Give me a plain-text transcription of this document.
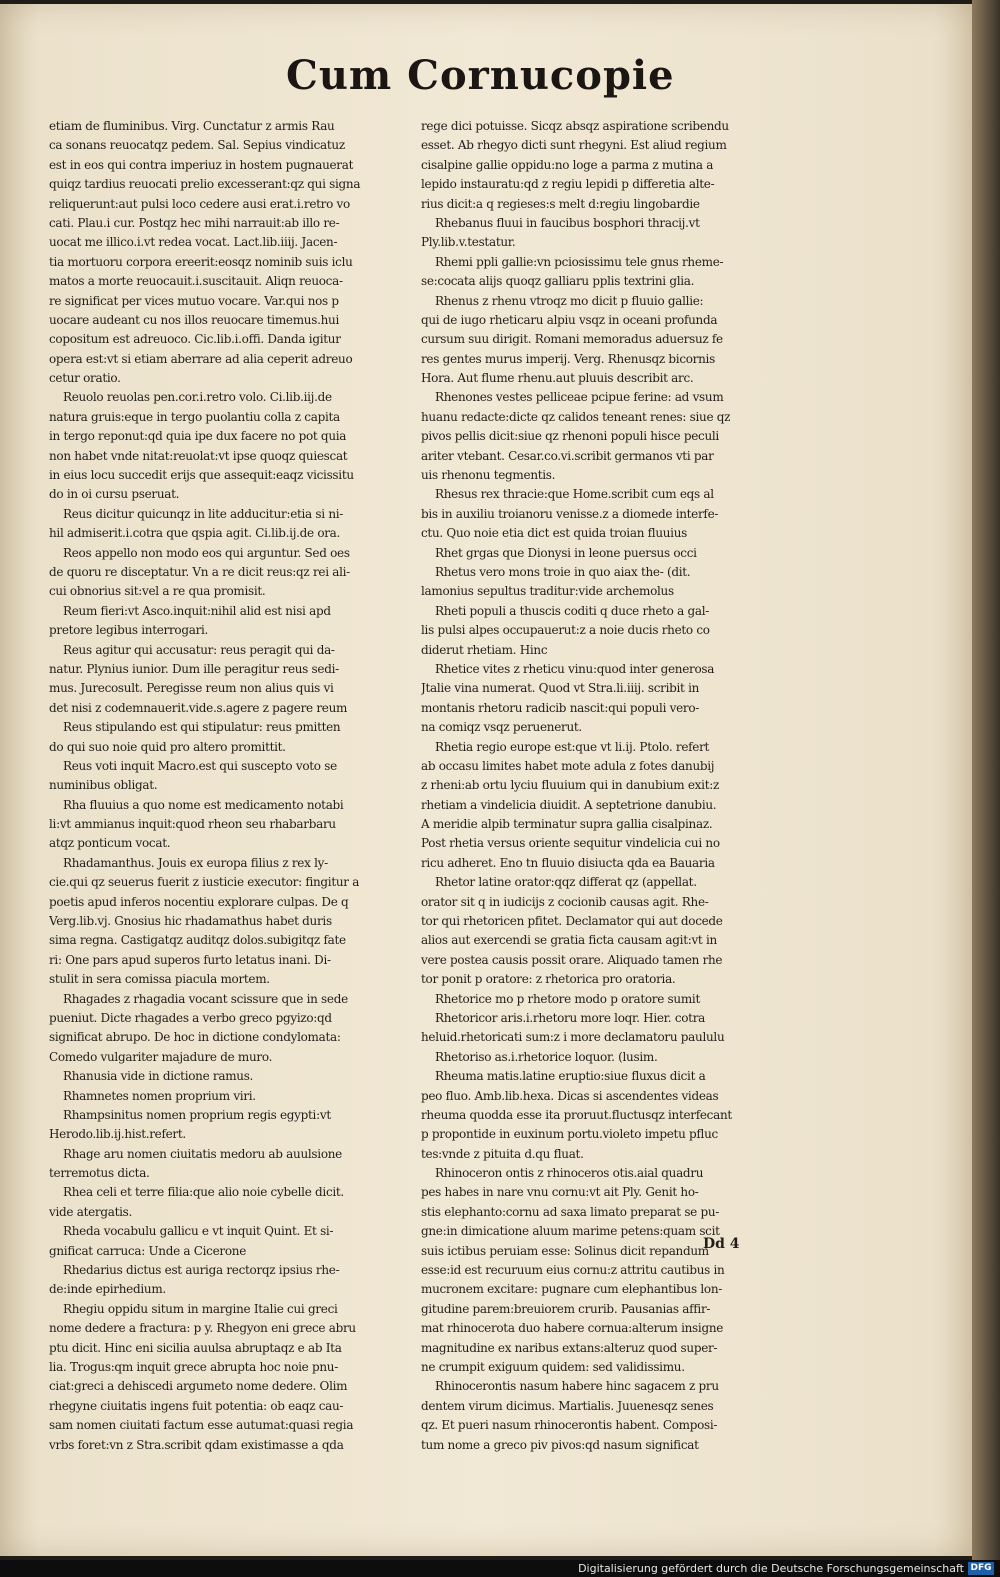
Cum Cornucopie
etiam de fluminibus. Virg. Cunctatur z armis Rau
ca sonans reuocatqz pedem. Sal. Sepius vindicatuz
est in eos qui contra imperiuz in hostem pugnauerat
quiqz tardius reuocati prelio excesserant:qz qui signa
reliquerunt:aut pulsi loco cedere ausi erat.i.retro vo
cati. Plau.i cur. Postqz hec mihi narrauit:ab illo re-
uocat me illico.i.vt redea vocat. Lact.lib.iiij. Jacen-
tia mortuoru corpora ereerit:eosqz nominib suis iclu
matos a morte reuocauit.i.suscitauit. Aliqn reuoca-
re significat per vices mutuo vocare. Var.qui nos p
uocare audeant cu nos illos reuocare timemus.hui
copositum est adreuoco. Cic.lib.i.offi. Danda igitur
opera est:vt si etiam aberrare ad alia ceperit adreuo
cetur oratio.
Reuolo reuolas pen.cor.i.retro volo. Ci.lib.iij.de
natura gruis:eque in tergo puolantiu colla z capita
in tergo reponut:qd quia ipe dux facere no pot quia
non habet vnde nitat:reuolat:vt ipse quoqz quiescat
in eius locu succedit erijs que assequit:eaqz vicissitu
do in oi cursu pseruat.
Reus dicitur quicunqz in lite adducitur:etia si ni-
hil admiserit.i.cotra que qspia agit. Ci.lib.ij.de ora.
Reos appello non modo eos qui arguntur. Sed oes
de quoru re disceptatur. Vn a re dicit reus:qz rei ali-
cui obnorius sit:vel a re qua promisit.
Reum fieri:vt Asco.inquit:nihil alid est nisi apd
pretore legibus interrogari.
Reus agitur qui accusatur: reus peragit qui da-
natur. Plynius iunior. Dum ille peragitur reus sedi-
mus. Jurecosult. Peregisse reum non alius quis vi
det nisi z codemnauerit.vide.s.agere z pagere reum
Reus stipulando est qui stipulatur: reus pmitten
do qui suo noie quid pro altero promittit.
Reus voti inquit Macro.est qui suscepto voto se
numinibus obligat.
Rha fluuius a quo nome est medicamento notabi
li:vt ammianus inquit:quod rheon seu rhabarbaru
atqz ponticum vocat.
Rhadamanthus. Jouis ex europa filius z rex ly-
cie.qui qz seuerus fuerit z iusticie executor: fingitur a
poetis apud inferos nocentiu explorare culpas. De q
Verg.lib.vj. Gnosius hic rhadamathus habet duris
sima regna. Castigatqz auditqz dolos.subigitqz fate
ri: One pars apud superos furto letatus inani. Di-
stulit in sera comissa piacula mortem.
Rhagades z rhagadia vocant scissure que in sede
pueniut. Dicte rhagades a verbo greco pgyizo:qd
significat abrupo. De hoc in dictione condylomata:
Comedo vulgariter majadure de muro.
Rhanusia vide in dictione ramus.
Rhamnetes nomen proprium viri.
Rhampsinitus nomen proprium regis egypti:vt
Herodo.lib.ij.hist.refert.
Rhage aru nomen ciuitatis medoru ab auulsione
terremotus dicta.
Rhea celi et terre filia:que alio noie cybelle dicit.
vide atergatis.
Rheda vocabulu gallicu e vt inquit Quint. Et si-
gnificat carruca: Unde a Cicerone
Rhedarius dictus est auriga rectorqz ipsius rhe-
de:inde epirhedium.
Rhegiu oppidu situm in margine Italie cui greci
nome dedere a fractura: p y. Rhegyon eni grece abru
ptu dicit. Hinc eni sicilia auulsa abruptaqz e ab Ita
lia. Trogus:qm inquit grece abrupta hoc noie pnu-
ciat:greci a dehiscedi argumeto nome dedere. Olim
rhegyne ciuitatis ingens fuit potentia: ob eaqz cau-
sam nomen ciuitati factum esse autumat:quasi regia
vrbs foret:vn z Stra.scribit qdam existimasse a qda
rege dici potuisse. Sicqz absqz aspiratione scribendu
esset. Ab rhegyo dicti sunt rhegyni. Est aliud regium
cisalpine gallie oppidu:no loge a parma z mutina a
lepido instauratu:qd z regiu lepidi p differetia alte-
rius dicit:a q regieses:s melt d:regiu lingobardie
Rhebanus fluui in faucibus bosphori thracij.vt
Ply.lib.v.testatur.
Rhemi ppli gallie:vn pciosissimu tele gnus rheme-
se:cocata alijs quoqz galliaru pplis textrini glia.
Rhenus z rhenu vtroqz mo dicit p fluuio gallie:
qui de iugo rheticaru alpiu vsqz in oceani profunda
cursum suu dirigit. Romani memoradus aduersuz fe
res gentes murus imperij. Verg. Rhenusqz bicornis
Hora. Aut flume rhenu.aut pluuis describit arc.
Rhenones vestes pelliceae pcipue ferine: ad vsum
huanu redacte:dicte qz calidos teneant renes: siue qz
pivos pellis dicit:siue qz rhenoni populi hisce peculi
ariter vtebant. Cesar.co.vi.scribit germanos vti par
uis rhenonu tegmentis.
Rhesus rex thracie:que Home.scribit cum eqs al
bis in auxiliu troianoru venisse.z a diomede interfe-
ctu. Quo noie etia dict est quida troian fluuius
Rhet grgas que Dionysi in leone puersus occi
Rhetus vero mons troie in quo aiax the- (dit.
lamonius sepultus traditur:vide archemolus
Rheti populi a thuscis coditi q duce rheto a gal-
lis pulsi alpes occupauerut:z a noie ducis rheto co
diderut rhetiam. Hinc
Rhetice vites z rheticu vinu:quod inter generosa
Jtalie vina numerat. Quod vt Stra.li.iiij. scribit in
montanis rhetoru radicib nascit:qui populi vero-
na comiqz vsqz peruenerut.
Rhetia regio europe est:que vt li.ij. Ptolo. refert
ab occasu limites habet mote adula z fotes danubij
z rheni:ab ortu lyciu fluuium qui in danubium exit:z
rhetiam a vindelicia diuidit. A septetrione danubiu.
A meridie alpib terminatur supra gallia cisalpinaz.
Post rhetia versus oriente sequitur vindelicia cui no
ricu adheret. Eno tn fluuio disiucta qda ea Bauaria
Rhetor latine orator:qqz differat qz (appellat.
orator sit q in iudicijs z cocionib causas agit. Rhe-
tor qui rhetoricen pfitet. Declamator qui aut docede
alios aut exercendi se gratia ficta causam agit:vt in
vere postea causis possit orare. Aliquado tamen rhe
tor ponit p oratore: z rhetorica pro oratoria.
Rhetorice mo p rhetore modo p oratore sumit
Rhetoricor aris.i.rhetoru more loqr. Hier. cotra
heluid.rhetoricati sum:z i more declamatoru paululu
Rhetoriso as.i.rhetorice loquor. (lusim.
Rheuma matis.latine eruptio:siue fluxus dicit a
peo fluo. Amb.lib.hexa. Dicas si ascendentes videas
rheuma quodda esse ita proruut.fluctusqz interfecant
p propontide in euxinum portu.violeto impetu pfluc
tes:vnde z pituita d.qu fluat.
Rhinoceron ontis z rhinoceros otis.aial quadru
pes habes in nare vnu cornu:vt ait Ply. Genit ho-
stis elephanto:cornu ad saxa limato preparat se pu-
gne:in dimicatione aluum marime petens:quam scit
suis ictibus peruiam esse: Solinus dicit repandum
esse:id est recuruum eius cornu:z attritu cautibus in
mucronem excitare: pugnare cum elephantibus lon-
gitudine parem:breuiorem crurib. Pausanias affir-
mat rhinocerota duo habere cornua:alterum insigne
magnitudine ex naribus extans:alteruz quod super-
ne crumpit exiguum quidem: sed validissimu.
Rhinocerontis nasum habere hinc sagacem z pru
dentem virum dicimus. Martialis. Juuenesqz senes
qz. Et pueri nasum rhinocerontis habent. Composi-
tum nome a greco piv pivos:qd nasum significat
Dd 4
Digitalisierung gefördert durch die Deutsche Forschungsgemeinschaft DFG
